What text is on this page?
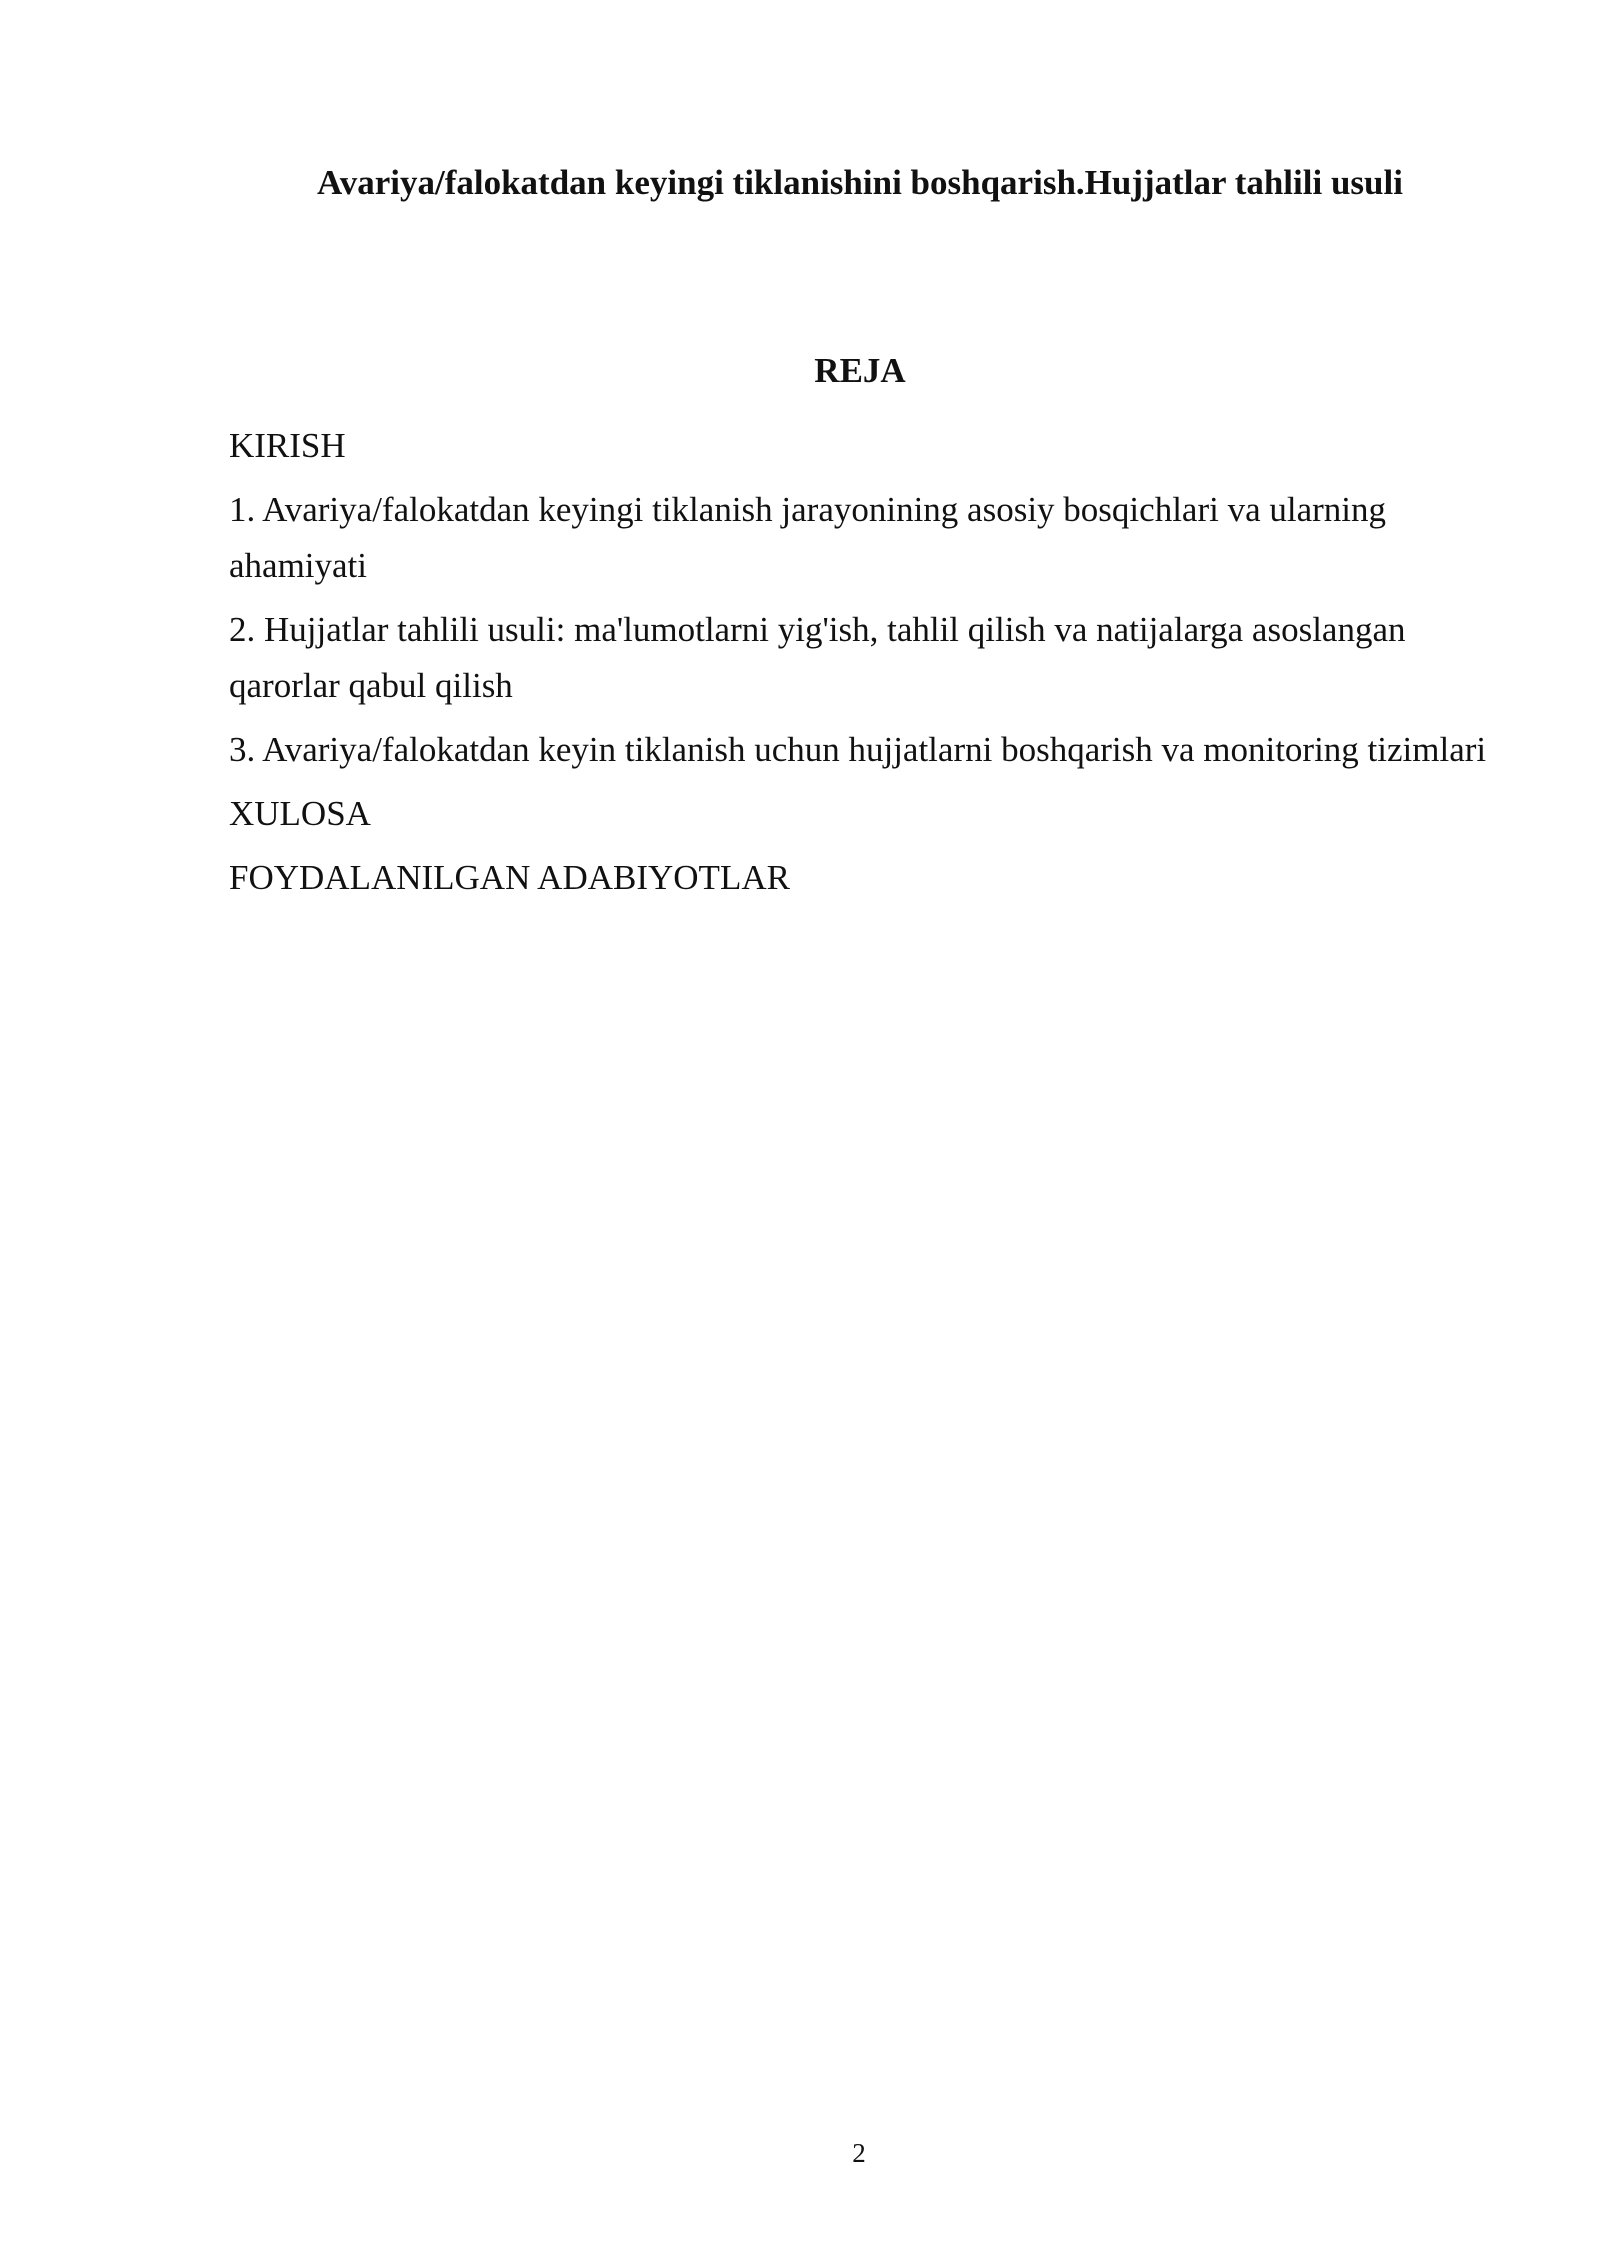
Avariya/falokatdan keyingi tiklanishini boshqarish.Hujjatlar tahlili usuli
REJA
KIRISH
1. Avariya/falokatdan keyingi tiklanish jarayonining asosiy bosqichlari va ularning ahamiyati
2. Hujjatlar tahlili usuli: ma'lumotlarni yig'ish, tahlil qilish va natijalarga asoslangan qarorlar qabul qilish
3. Avariya/falokatdan keyin tiklanish uchun hujjatlarni boshqarish va monitoring tizimlari
XULOSA
FOYDALANILGAN ADABIYOTLAR
2
